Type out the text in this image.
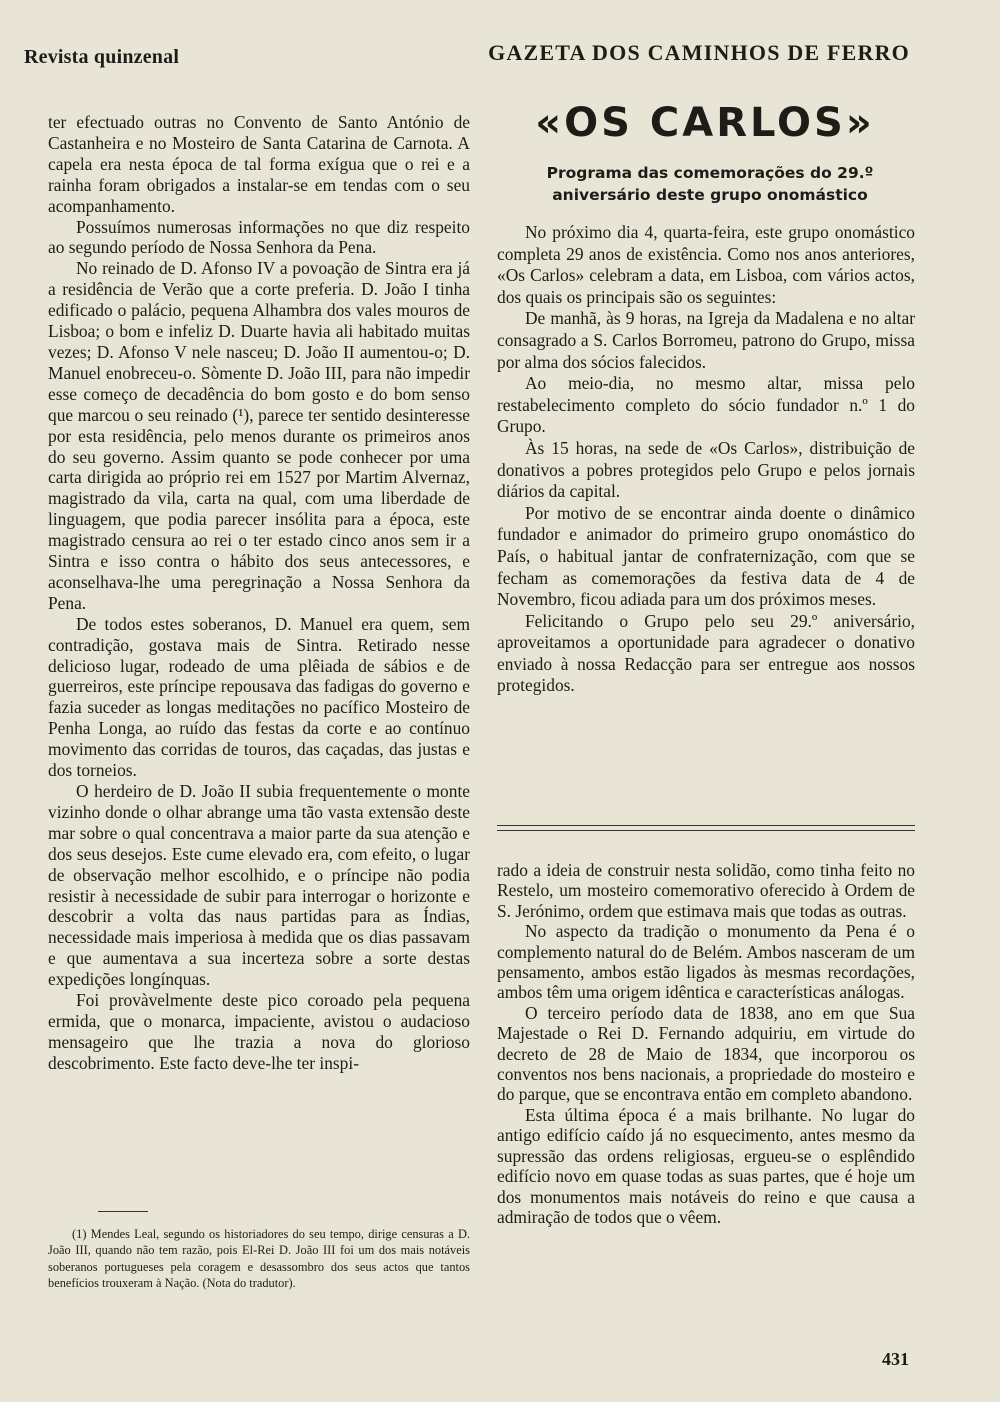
Revista quinzenal	GAZETA DOS CAMINHOS DE FERRO

ter efectuado outras no Convento de Santo António de Castanheira e no Mosteiro de Santa Catarina de Carnota. A capela era nesta época de tal forma exígua que o rei e a rainha foram obrigados a instalar-se em tendas com o seu acompanhamento.

Possuímos numerosas informações no que diz respeito ao segundo período de Nossa Senhora da Pena.

No reinado de D. Afonso IV a povoação de Sintra era já a residência de Verão que a corte preferia. D. João I tinha edificado o palácio, pequena Alhambra dos vales mouros de Lisboa; o bom e infeliz D. Duarte havia ali habitado muitas vezes; D. Afonso V nele nasceu; D. João II aumentou-o; D. Manuel enobreceu-o. Sòmente D. João III, para não impedir esse começo de decadência do bom gosto e do bom senso que marcou o seu reinado (¹), parece ter sentido desinteresse por esta residência, pelo menos durante os primeiros anos do seu governo. Assim quanto se pode conhecer por uma carta dirigida ao próprio rei em 1527 por Martim Alvernaz, magistrado da vila, carta na qual, com uma liberdade de linguagem, que podia parecer insólita para a época, este magistrado censura ao rei o ter estado cinco anos sem ir a Sintra e isso contra o hábito dos seus antecessores, e aconselhava-lhe uma peregrinação a Nossa Senhora da Pena.

De todos estes soberanos, D. Manuel era quem, sem contradição, gostava mais de Sintra. Retirado nesse delicioso lugar, rodeado de uma plêiada de sábios e de guerreiros, este príncipe repousava das fadigas do governo e fazia suceder as longas meditações no pacífico Mosteiro de Penha Longa, ao ruído das festas da corte e ao contínuo movimento das corridas de touros, das caçadas, das justas e dos torneios.

O herdeiro de D. João II subia frequentemente o monte vizinho donde o olhar abrange uma tão vasta extensão deste mar sobre o qual concentrava a maior parte da sua atenção e dos seus desejos. Este cume elevado era, com efeito, o lugar de observação melhor escolhido, e o príncipe não podia resistir à necessidade de subir para interrogar o horizonte e descobrir a volta das naus partidas para as Índias, necessidade mais imperiosa à medida que os dias passavam e que aumentava a sua incerteza sobre a sorte destas expedições longínquas.

Foi provàvelmente deste pico coroado pela pequena ermida, que o monarca, impaciente, avistou o audacioso mensageiro que lhe trazia a nova do glorioso descobrimento. Este facto deve-lhe ter inspi-

(1) Mendes Leal, segundo os historiadores do seu tempo, dirige censuras a D. João III, quando não tem razão, pois El-Rei D. João III foi um dos mais notáveis soberanos portugueses pela coragem e desassombro dos seus actos que tantos benefícios trouxeram à Nação. (Nota do tradutor).

«OS CARLOS»
Programa das comemorações do 29.º aniversário deste grupo onomástico

No próximo dia 4, quarta-feira, este grupo onomástico completa 29 anos de existência. Como nos anos anteriores, «Os Carlos» celebram a data, em Lisboa, com vários actos, dos quais os principais são os seguintes:

De manhã, às 9 horas, na Igreja da Madalena e no altar consagrado a S. Carlos Borromeu, patrono do Grupo, missa por alma dos sócios falecidos.

Ao meio-dia, no mesmo altar, missa pelo restabelecimento completo do sócio fundador n.º 1 do Grupo.

Às 15 horas, na sede de «Os Carlos», distribuição de donativos a pobres protegidos pelo Grupo e pelos jornais diários da capital.

Por motivo de se encontrar ainda doente o dinâmico fundador e animador do primeiro grupo onomástico do País, o habitual jantar de confraternização, com que se fecham as comemorações da festiva data de 4 de Novembro, ficou adiada para um dos próximos meses.

Felicitando o Grupo pelo seu 29.º aniversário, aproveitamos a oportunidade para agradecer o donativo enviado à nossa Redacção para ser entregue aos nossos protegidos.

rado a ideia de construir nesta solidão, como tinha feito no Restelo, um mosteiro comemorativo oferecido à Ordem de S. Jerónimo, ordem que estimava mais que todas as outras.

No aspecto da tradição o monumento da Pena é o complemento natural do de Belém. Ambos nasceram de um pensamento, ambos estão ligados às mesmas recordações, ambos têm uma origem idêntica e características análogas.

O terceiro período data de 1838, ano em que Sua Majestade o Rei D. Fernando adquiriu, em virtude do decreto de 28 de Maio de 1834, que incorporou os conventos nos bens nacionais, a propriedade do mosteiro e do parque, que se encontrava então em completo abandono.

Esta última época é a mais brilhante. No lugar do antigo edifício caído já no esquecimento, antes mesmo da supressão das ordens religiosas, ergueu-se o esplêndido edifício novo em quase todas as suas partes, que é hoje um dos monumentos mais notáveis do reino e que causa a admiração de todos que o vêem.

431
